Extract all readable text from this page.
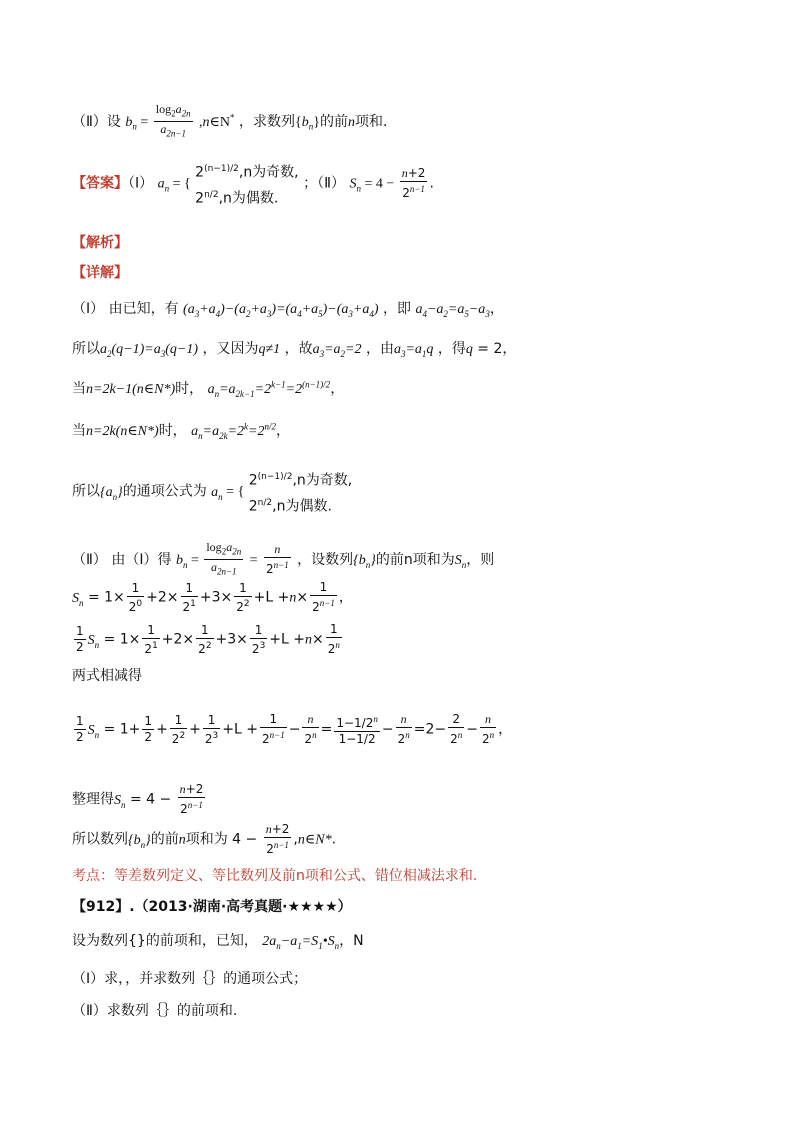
（Ⅱ）设 $b_n = \frac{\log_2a_{2n}}{a_{2n-1}}$ ,n∈N* ，求数列$\{b_n\}$的前n项和.
【答案】（Ⅰ） $a_n$ = {
$2^{(n-1)/2},n$为奇数,
$2^{n/2},n$为偶数.
；（Ⅱ） $S_n = 4 - \frac{n+2}{2^{n-1}}$ .
【解析】
【详解】
（Ⅰ） 由已知，有 $(a_3+a_4)-(a_2+a_3)=(a_4+a_5)-(a_3+a_4)$ ，即 $a_4-a_2=a_5-a_3$，
所以$a_2(q-1)=a_3(q-1)$ ，又因为q≠1 ，故$a_3=a_2=2$ ，由$a_3=a_1q$ ，得q = 2，
当n=2k−1(n∈N*)时， $a_n=a_{2k-1}=2^{k-1}=2^{(n-1)/2}$，
当n=2k(n∈N*)时， $a_n=a_{2k}=2^k=2^{n/2}$，
所以$\{a_n\}$的通项公式为 $a_n$ = {
$2^{(n-1)/2},n$为奇数,
$2^{n/2},n$为偶数.
（Ⅱ） 由（Ⅰ）得 $b_n = \frac{\log_2a_{2n}}{a_{2n-1}} = \frac{n}{2^{n-1}}$ ，设数列$\{b_n\}$的前n项和为$S_n$，则
$S_n = 1\times \frac{1}{2^0} +2\times \frac{1}{2^1} +3\times \frac{1}{2^2} +L +n\times \frac{1}{2^{n-1}}$ ，
$\frac{1}{2} S_n = 1\times \frac{1}{2^1} +2\times \frac{1}{2^2} +3\times \frac{1}{2^3} +L +n\times \frac{1}{2^n}$
两式相减得
$\frac{1}{2} S_n = 1+ \frac{1}{2} + \frac{1}{2^2} + \frac{1}{2^3} +L + \frac{1}{2^{n-1}} - \frac{n}{2^n} = \frac{1-1/2^n}{1-1/2} - \frac{n}{2^n} =2- \frac{2}{2^n} - \frac{n}{2^n}$ ，
整理得$S_n = 4 - \frac{n+2}{2^{n-1}}$
所以数列$\{b_n\}$的前n项和为 $4 - \frac{n+2}{2^{n-1}}$ ,n∈N*.
考点：等差数列定义、等比数列及前n项和公式、错位相减法求和.
【912】.（2013·湖南·高考真题·★★★★）
设为数列{}的前项和，已知， $2a_n-a_1=S_1•S_n$，N
（Ⅰ）求，，并求数列｛｝的通项公式；
（Ⅱ）求数列｛｝的前项和.
